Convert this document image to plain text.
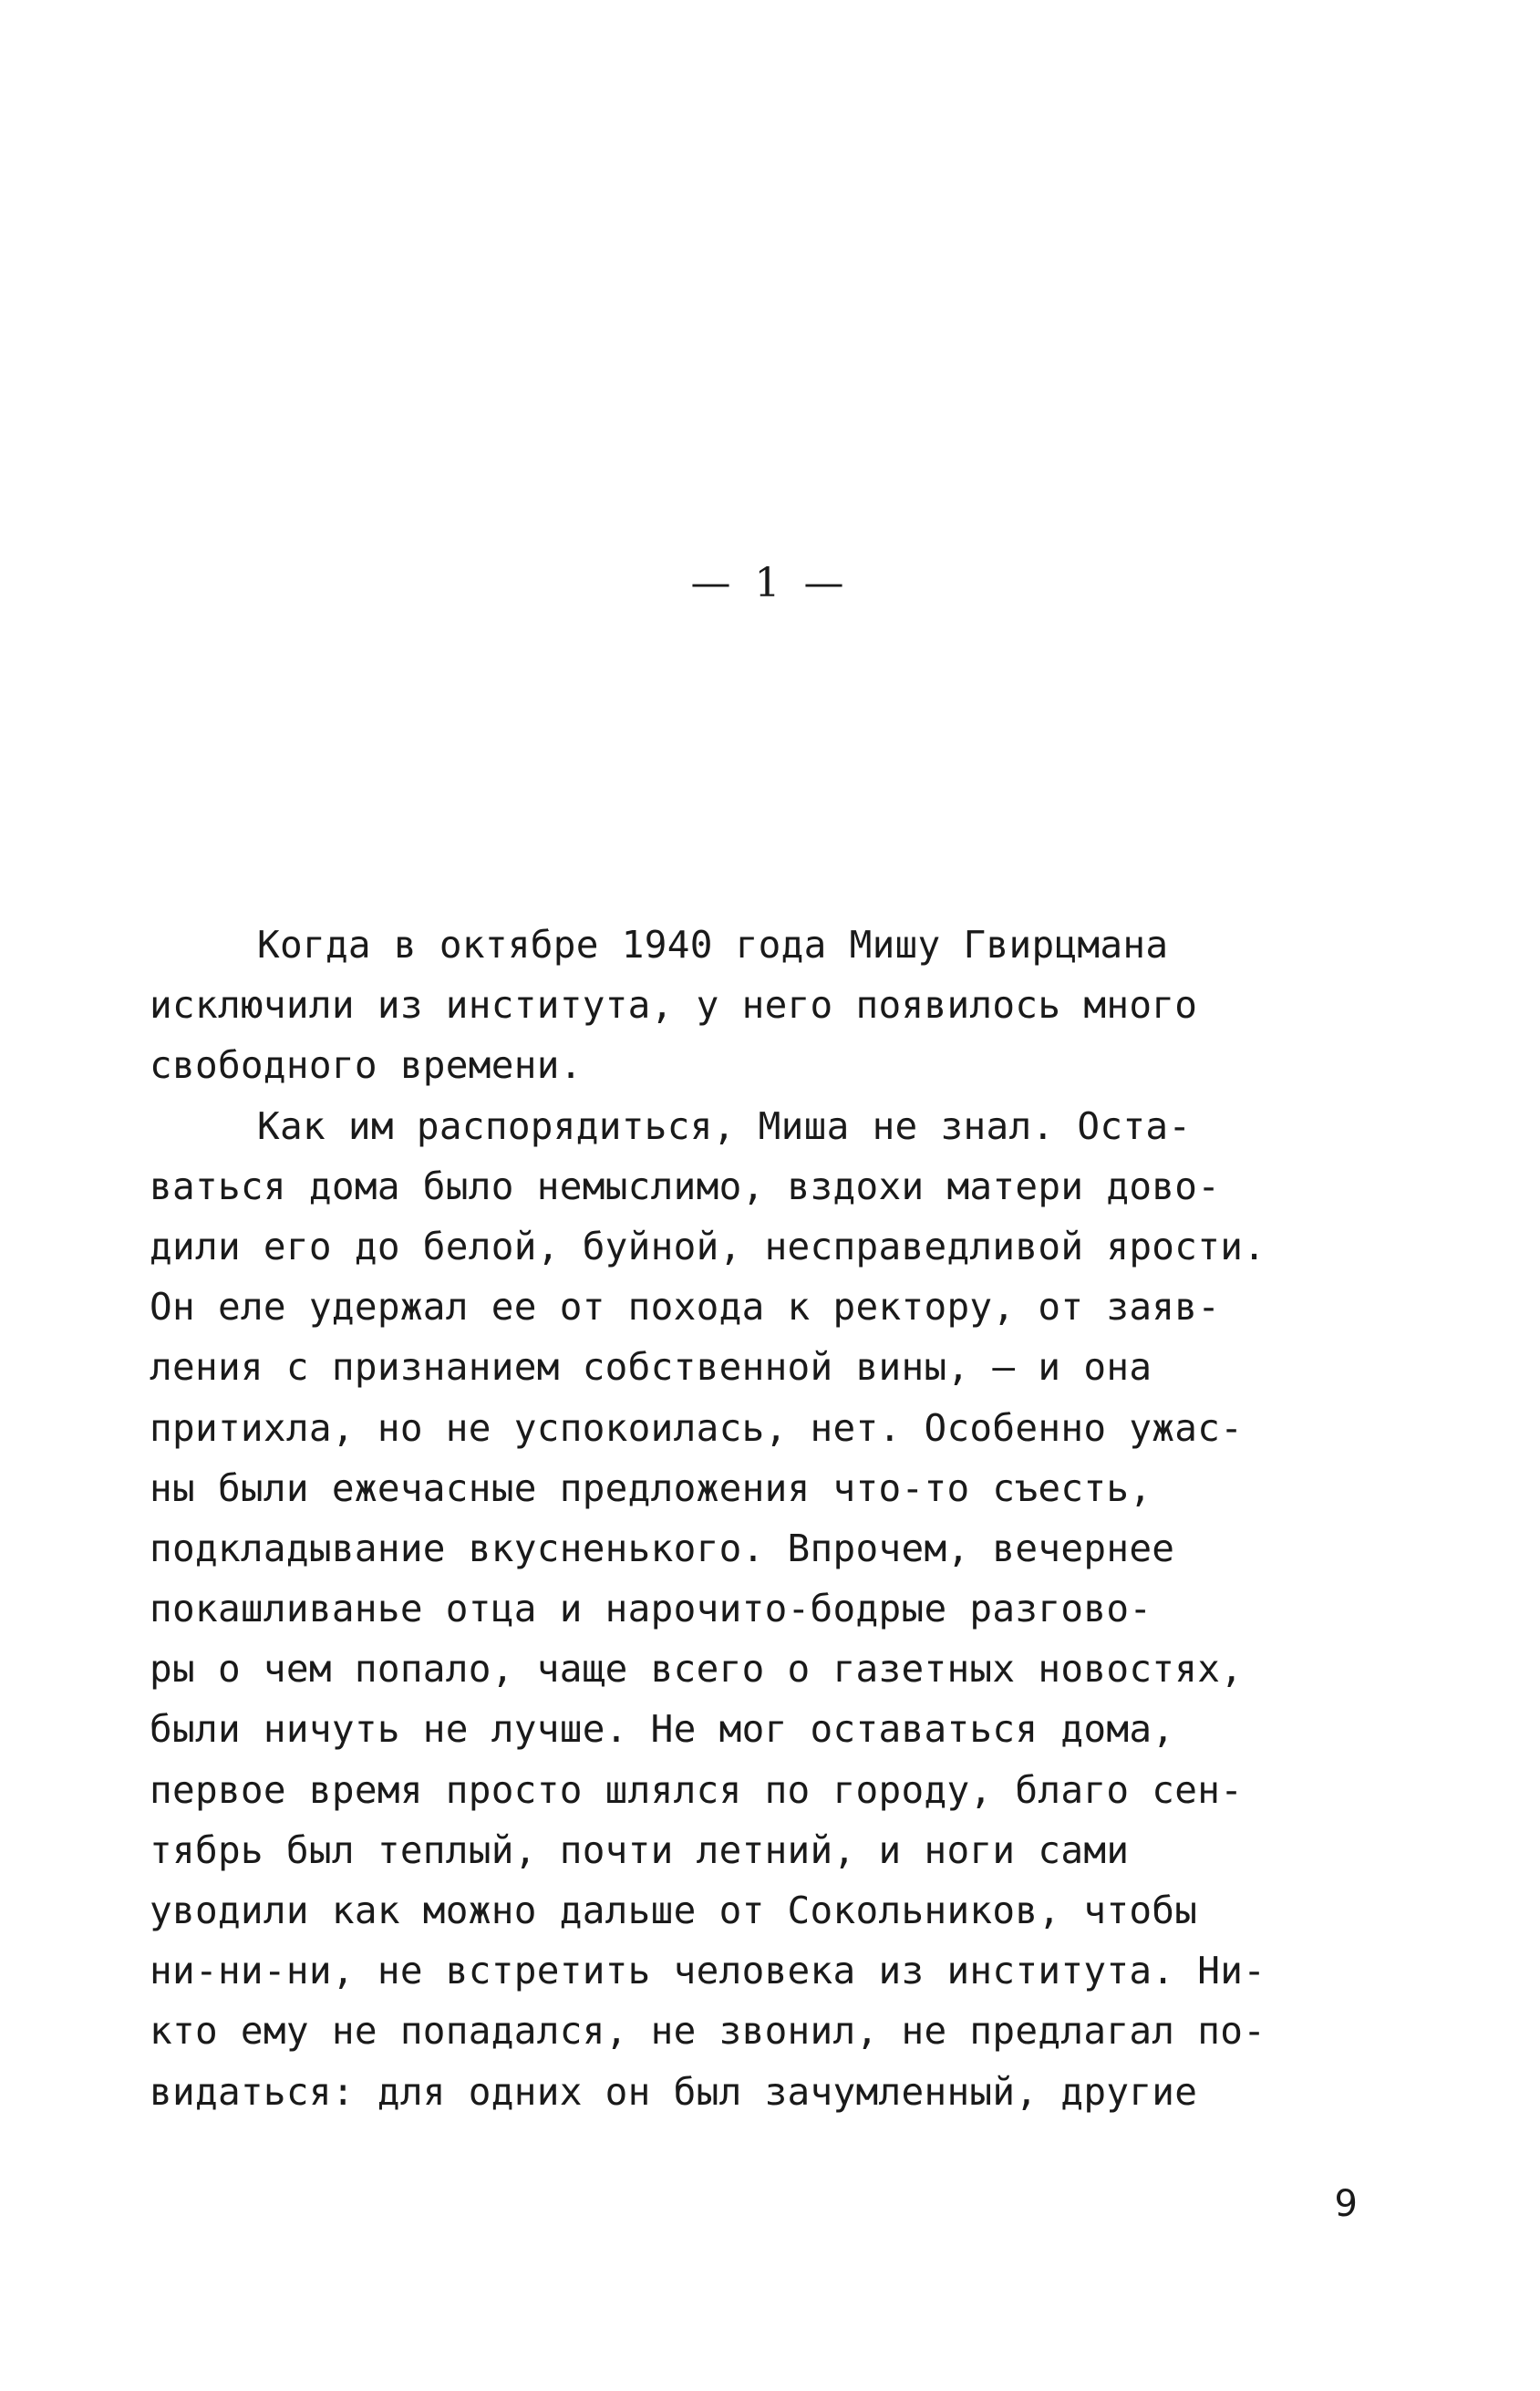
— 1 —
Когда в октябре 1940 года Мишу Гвирцмана
исключили из института, у него появилось много
свободного времени.
Как им распорядиться, Миша не знал. Оста-
ваться дома было немыслимо, вздохи матери дово-
дили его до белой, буйной, несправедливой ярости.
Он еле удержал ее от похода к ректору, от заяв-
ления с признанием собственной вины, — и она
притихла, но не успокоилась, нет. Особенно ужас-
ны были ежечасные предложения что-то съесть,
подкладывание вкусненького. Впрочем, вечернее
покашливанье отца и нарочито-бодрые разгово-
ры о чем попало, чаще всего о газетных новостях,
были ничуть не лучше. Не мог оставаться дома,
первое время просто шлялся по городу, благо сен-
тябрь был теплый, почти летний, и ноги сами
уводили как можно дальше от Сокольников, чтобы
ни-ни-ни, не встретить человека из института. Ни-
кто ему не попадался, не звонил, не предлагал по-
видаться: для одних он был зачумленный, другие
9
